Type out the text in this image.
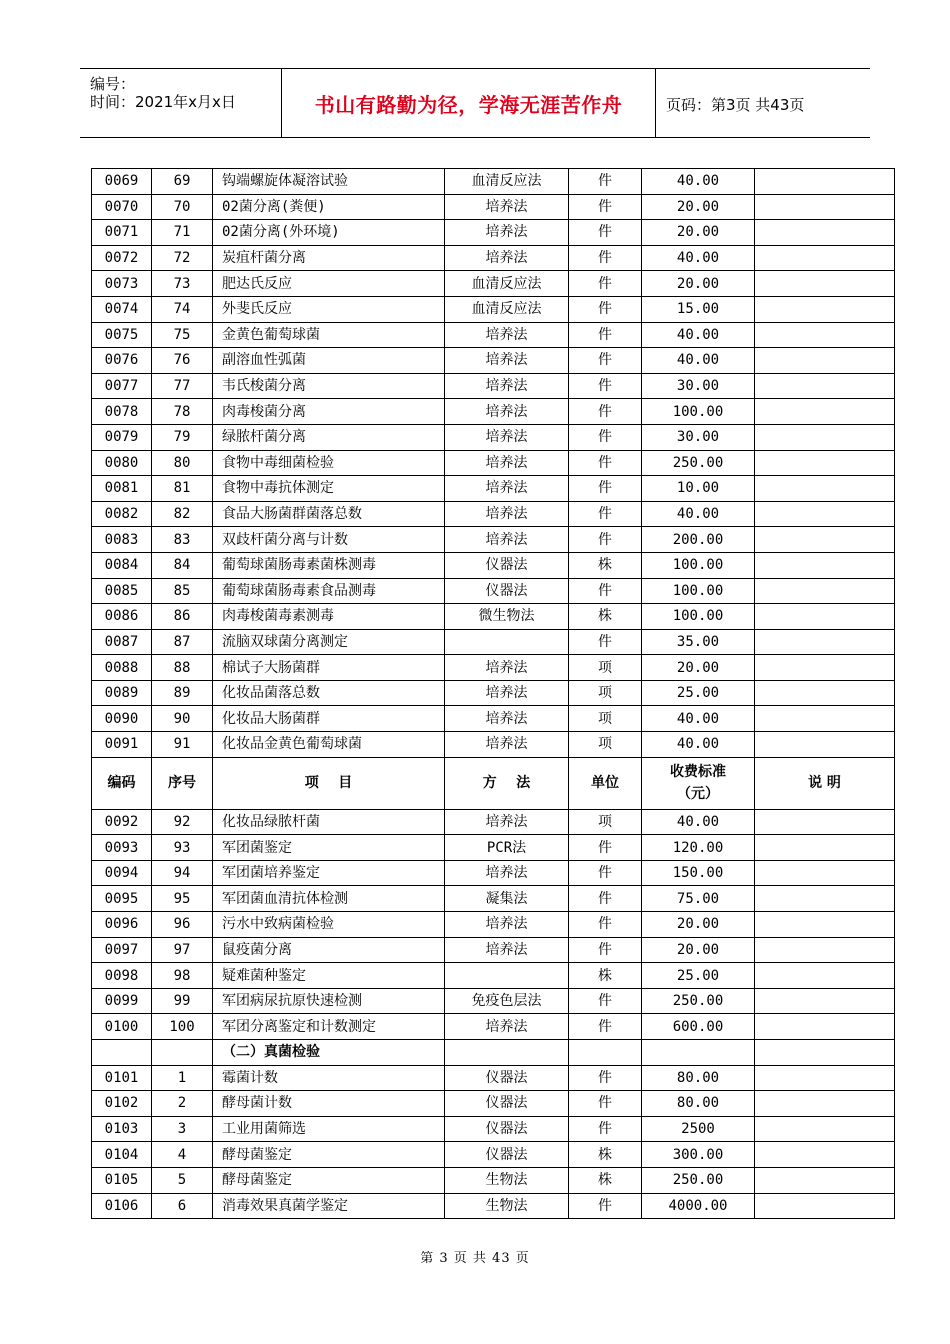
编号：
时间：2021年x月x日	书山有路勤为径，学海无涯苦作舟	页码：第3页 共43页
0069	69	钩端螺旋体凝溶试验	血清反应法	件	40.00	
0070	70	02菌分离(粪便)	培养法	件	20.00	
0071	71	02菌分离(外环境)	培养法	件	20.00	
0072	72	炭疽杆菌分离	培养法	件	40.00	
0073	73	肥达氏反应	血清反应法	件	20.00	
0074	74	外斐氏反应	血清反应法	件	15.00	
0075	75	金黄色葡萄球菌	培养法	件	40.00	
0076	76	副溶血性弧菌	培养法	件	40.00	
0077	77	韦氏梭菌分离	培养法	件	30.00	
0078	78	肉毒梭菌分离	培养法	件	100.00	
0079	79	绿脓杆菌分离	培养法	件	30.00	
0080	80	食物中毒细菌检验	培养法	件	250.00	
0081	81	食物中毒抗体测定	培养法	件	10.00	
0082	82	食品大肠菌群菌落总数	培养法	件	40.00	
0083	83	双歧杆菌分离与计数	培养法	件	200.00	
0084	84	葡萄球菌肠毒素菌株测毒	仪器法	株	100.00	
0085	85	葡萄球菌肠毒素食品测毒	仪器法	件	100.00	
0086	86	肉毒梭菌毒素测毒	微生物法	株	100.00	
0087	87	流脑双球菌分离测定		件	35.00	
0088	88	棉试子大肠菌群	培养法	项	20.00	
0089	89	化妆品菌落总数	培养法	项	25.00	
0090	90	化妆品大肠菌群	培养法	项	40.00	
0091	91	化妆品金黄色葡萄球菌	培养法	项	40.00	
编码	序号	项    目	方    法	单位	收费标准（元）	说 明
0092	92	化妆品绿脓杆菌	培养法	项	40.00	
0093	93	军团菌鉴定	PCR法	件	120.00	
0094	94	军团菌培养鉴定	培养法	件	150.00	
0095	95	军团菌血清抗体检测	凝集法	件	75.00	
0096	96	污水中致病菌检验	培养法	件	20.00	
0097	97	鼠疫菌分离	培养法	件	20.00	
0098	98	疑难菌种鉴定		株	25.00	
0099	99	军团病尿抗原快速检测	免疫色层法	件	250.00	
0100	100	军团分离鉴定和计数测定	培养法	件	600.00	
		（二）真菌检验				
0101	1	霉菌计数	仪器法	件	80.00	
0102	2	酵母菌计数	仪器法	件	80.00	
0103	3	工业用菌筛选	仪器法	件	2500	
0104	4	酵母菌鉴定	仪器法	株	300.00	
0105	5	酵母菌鉴定	生物法	株	250.00	
0106	6	消毒效果真菌学鉴定	生物法	件	4000.00	
第 3 页 共 43 页
